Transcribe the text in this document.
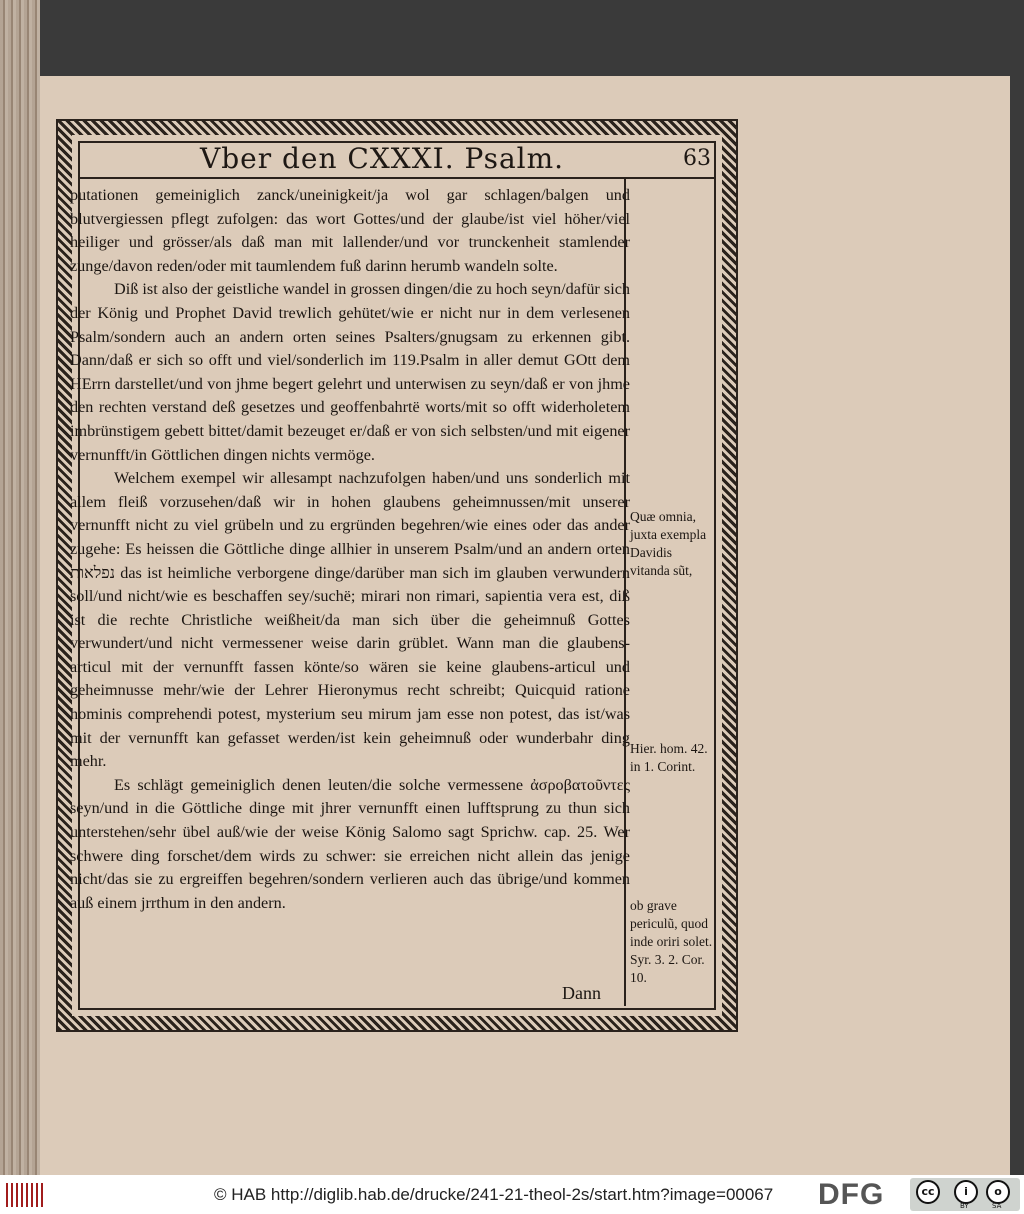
Vber den CXXXI. Psalm.	63

putationen gemeiniglich zanck/uneinigkeit/ja wol gar schlagen/balgen und blutvergiessen pflegt zufolgen: das wort Gottes/und der glaube/ist viel höher/viel heiliger und grösser/als daß man mit lallender/und vor trunckenheit stamlender zunge/davon reden/oder mit taumlendem fuß darinn herumb wandeln solte.

Diß ist also der geistliche wandel in grossen dingen/die zu hoch seyn/dafür sich der König und Prophet David trewlich gehütet/wie er nicht nur in dem verlesenen Psalm/sondern auch an andern orten seines Psalters/gnugsam zu erkennen gibt. Dann/daß er sich so offt und viel/sonderlich im 119.Psalm in aller demut GOtt dem HErrn darstellet/und von jhme begert gelehrt und unterwisen zu seyn/daß er von jhme den rechten verstand deß gesetzes und geoffenbahrtë worts/mit so offt widerholetem imbrünstigem gebett bittet/damit bezeuget er/daß er von sich selbsten/und mit eigener vernunfft/in Göttlichen dingen nichts vermöge.

Welchem exempel wir allesampt nachzufolgen haben/und uns sonderlich mit allem fleiß vorzusehen/daß wir in hohen glaubens geheimnussen/mit unserer vernunfft nicht zu viel grübeln und zu ergründen begehren/wie eines oder das ander zugehe: Es heissen die Göttliche dinge allhier in unserem Psalm/und an andern orten נפלאות das ist heimliche verborgene dinge/darüber man sich im glauben verwundern soll/und nicht/wie es beschaffen sey/suchë; mirari non rimari, sapientia vera est, diß ist die rechte Christliche weißheit/da man sich über die geheimnuß Gottes verwundert/und nicht vermessener weise darin grüblet. Wann man die glaubens-articul mit der vernunfft fassen könte/so wären sie keine glaubens-articul und geheimnusse mehr/wie der Lehrer Hieronymus recht schreibt; Quicquid ratione hominis comprehendi potest, mysterium seu mirum jam esse non potest, das ist/was mit der vernunfft kan gefasset werden/ist kein geheimnuß oder wunderbahr ding mehr.

Es schlägt gemeiniglich denen leuten/die solche vermessene ἀσροβατοῦντες seyn/und in die Göttliche dinge mit jhrer vernunfft einen lufftsprung zu thun sich unterstehen/sehr übel auß/wie der weise König Salomo sagt Sprichw. cap. 25. Wer schwere ding forschet/dem wirds zu schwer: sie erreichen nicht allein das jenige nicht/das sie zu ergreiffen begehren/sondern verlieren auch das übrige/und kommen auß einem jrrthum in den andern.

Dann
Quæ omnia, juxta exempla Davidis vitanda sũt,
Hier. hom. 42. in 1. Corint.
ob grave periculũ, quod inde oriri solet. Syr. 3. 2. Cor. 10.
© HAB http://diglib.hab.de/drucke/241-21-theol-2s/start.htm?image=00067 DFG	cc	i	o
BY	SA
